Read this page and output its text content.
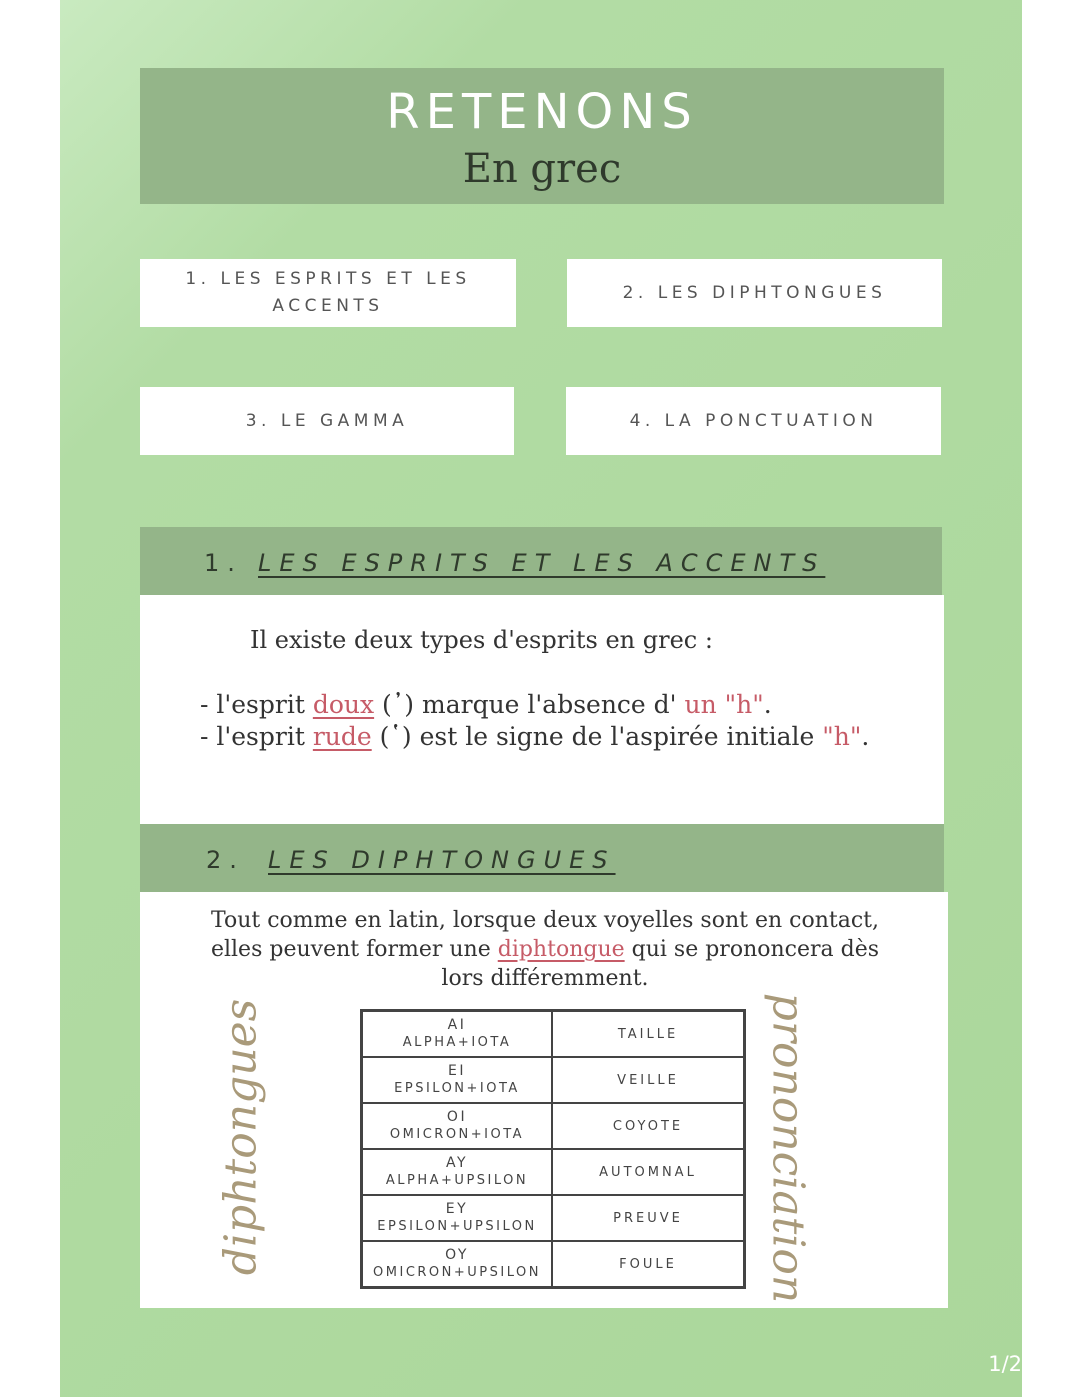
RETENONS
En grec
1. LES ESPRITS ET LES ACCENTS
2. LES DIPHTONGUES
3. LE GAMMA	4. LA PONCTUATION
1. LES ESPRITS ET LES ACCENTS
Il existe deux types d'esprits en grec :
- l'esprit doux (᾿) marque l'absence d' un "h".
- l'esprit rude (῾) est le signe de l'aspirée initiale "h".
2. LES DIPHTONGUES
Tout comme en latin, lorsque deux voyelles sont en contact,
elles peuvent former une diphtongue qui se prononcera dès
lors différemment.
diphtongues	prononciation
AI
ALPHA+IOTA	TAILLE

EI
EPSILON+IOTA	VEILLE

OI
OMICRON+IOTA	COYOTE

AY
ALPHA+UPSILON	AUTOMNAL

EY
EPSILON+UPSILON	PREUVE

OY
OMICRON+UPSILON	FOULE
1/2
